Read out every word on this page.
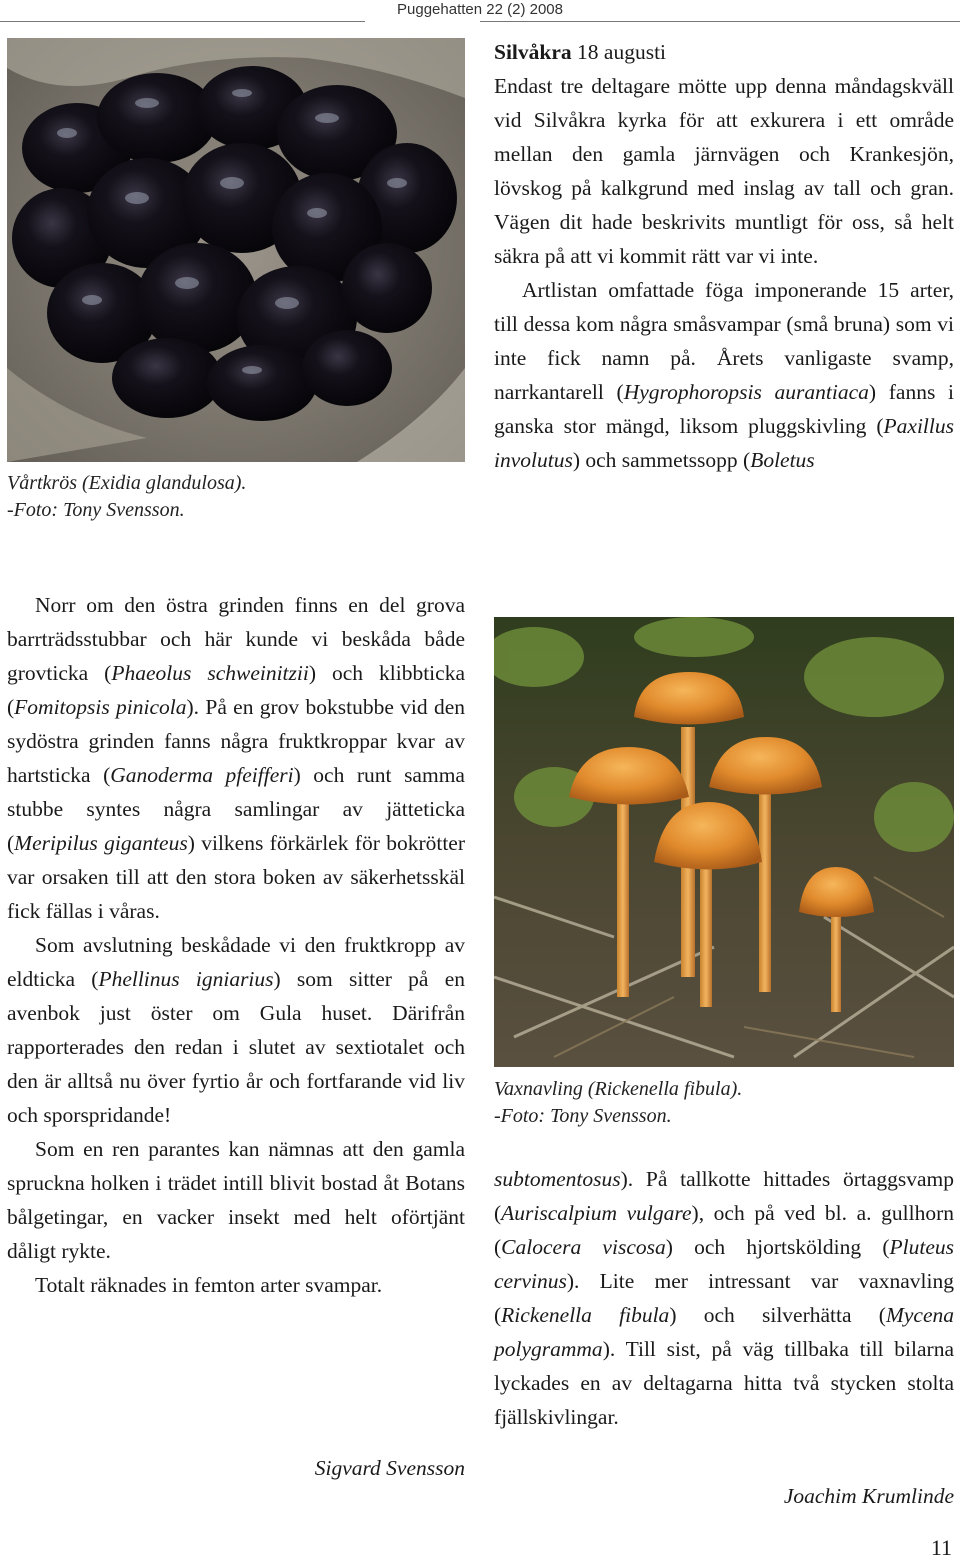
Puggehatten 22 (2) 2008
Vårtkrös (Exidia glandulosa).
-Foto: Tony Svensson.

Norr om den östra grinden finns en del grova barrträdsstubbar och här kunde vi beskåda både grovticka (Phaeolus schweinitzii) och klibbticka (Fomitopsis pinicola). På en grov bokstubbe vid den sydöstra grinden fanns några fruktkroppar kvar av hartsticka (Ganoderma pfeifferi) och runt samma stubbe syntes några samlingar av jätteticka (Meripilus giganteus) vilkens förkärlek för bokrötter var orsaken till att den stora boken av säkerhetsskäl fick fällas i våras.

Som avslutning beskådade vi den fruktkropp av eldticka (Phellinus igniarius) som sitter på en avenbok just öster om Gula huset. Därifrån rapporterades den redan i slutet av sextiotalet och den är alltså nu över fyrtio år och fortfarande vid liv och sporspridande!

Som en ren parantes kan nämnas att den gamla spruckna holken i trädet intill blivit bostad åt Botans bålgetingar, en vacker insekt med helt oförtjänt dåligt rykte.

Totalt räknades in femton arter svampar.

Sigvard Svensson

Silvåkra 18 augusti

Endast tre deltagare mötte upp denna måndagskväll vid Silvåkra kyrka för att exkurera i ett område mellan den gamla järnvägen och Krankesjön, lövskog på kalkgrund med inslag av tall och gran. Vägen dit hade beskrivits muntligt för oss, så helt säkra på att vi kommit rätt var vi inte.

Artlistan omfattade föga imponerande 15 arter, till dessa kom några småsvampar (små bruna) som vi inte fick namn på. Årets vanligaste svamp, narrkantarell (Hygrophoropsis aurantiaca) fanns i ganska stor mängd, liksom pluggskivling (Paxillus involutus) och sammetssopp (Boletus

Vaxnavling (Rickenella fibula).
-Foto: Tony Svensson.

subtomentosus). På tallkotte hittades örtaggsvamp (Auriscalpium vulgare), och på ved bl. a. gullhorn (Calocera viscosa) och hjortskölding (Pluteus cervinus). Lite mer intressant var vaxnavling (Rickenella fibula) och silverhätta (Mycena polygramma). Till sist, på väg tillbaka till bilarna lyckades en av deltagarna hitta två stycken stolta fjällskivlingar.

Joachim Krumlinde
11
